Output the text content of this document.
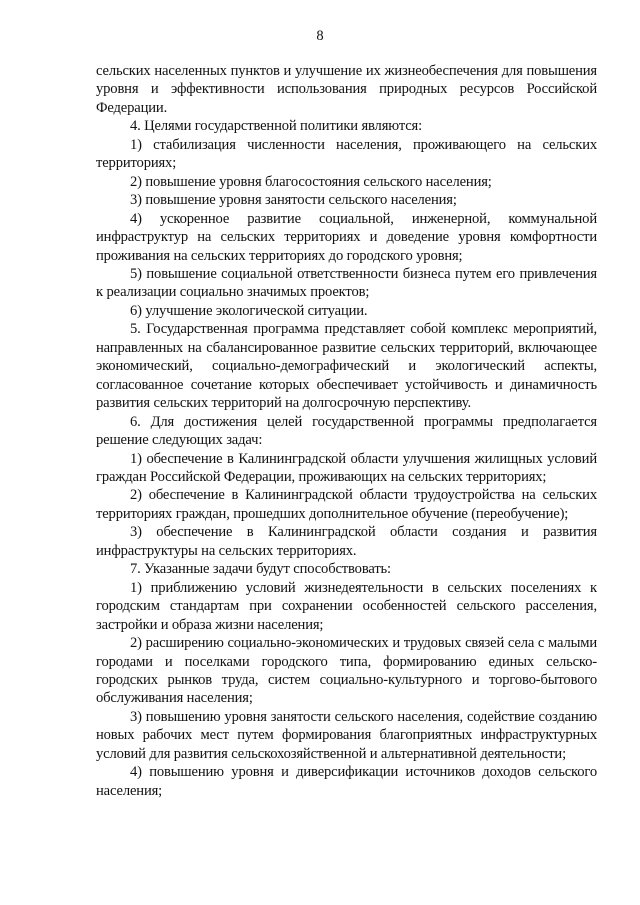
8

сельских населенных пунктов и улучшение их жизнеобеспечения для повышения уровня и эффективности использования природных ресурсов Российской Федерации.

4. Целями государственной политики являются:

1) стабилизация численности населения, проживающего на сельских территориях;

2) повышение уровня благосостояния сельского населения;

3) повышение уровня занятости сельского населения;

4) ускоренное развитие социальной, инженерной, коммунальной инфраструктур на сельских территориях и доведение уровня комфортности проживания на сельских территориях до городского уровня;

5) повышение социальной ответственности бизнеса путем его привлечения к реализации социально значимых проектов;

6) улучшение экологической ситуации.

5. Государственная программа представляет собой комплекс мероприятий, направленных на сбалансированное развитие сельских территорий, включающее экономический, социально-демографический и экологический аспекты, согласованное сочетание которых обеспечивает устойчивость и динамичность развития сельских территорий на долгосрочную перспективу.

6. Для достижения целей государственной программы предполагается решение следующих задач:

1) обеспечение в Калининградской области улучшения жилищных условий граждан Российской Федерации, проживающих на сельских территориях;

2) обеспечение в Калининградской области трудоустройства на сельских территориях граждан, прошедших дополнительное обучение (переобучение);

3) обеспечение в Калининградской области создания и развития инфраструктуры на сельских территориях.

7. Указанные задачи будут способствовать:

1) приближению условий жизнедеятельности в сельских поселениях к городским стандартам при сохранении особенностей сельского расселения, застройки и образа жизни населения;

2) расширению социально-экономических и трудовых связей села с малыми городами и поселками городского типа, формированию единых сельско-городских рынков труда, систем социально-культурного и торгово-бытового обслуживания населения;

3) повышению уровня занятости сельского населения, содействие созданию новых рабочих мест путем формирования благоприятных инфраструктурных условий для развития сельскохозяйственной и альтернативной деятельности;

4) повышению уровня и диверсификации источников доходов сельского населения;
